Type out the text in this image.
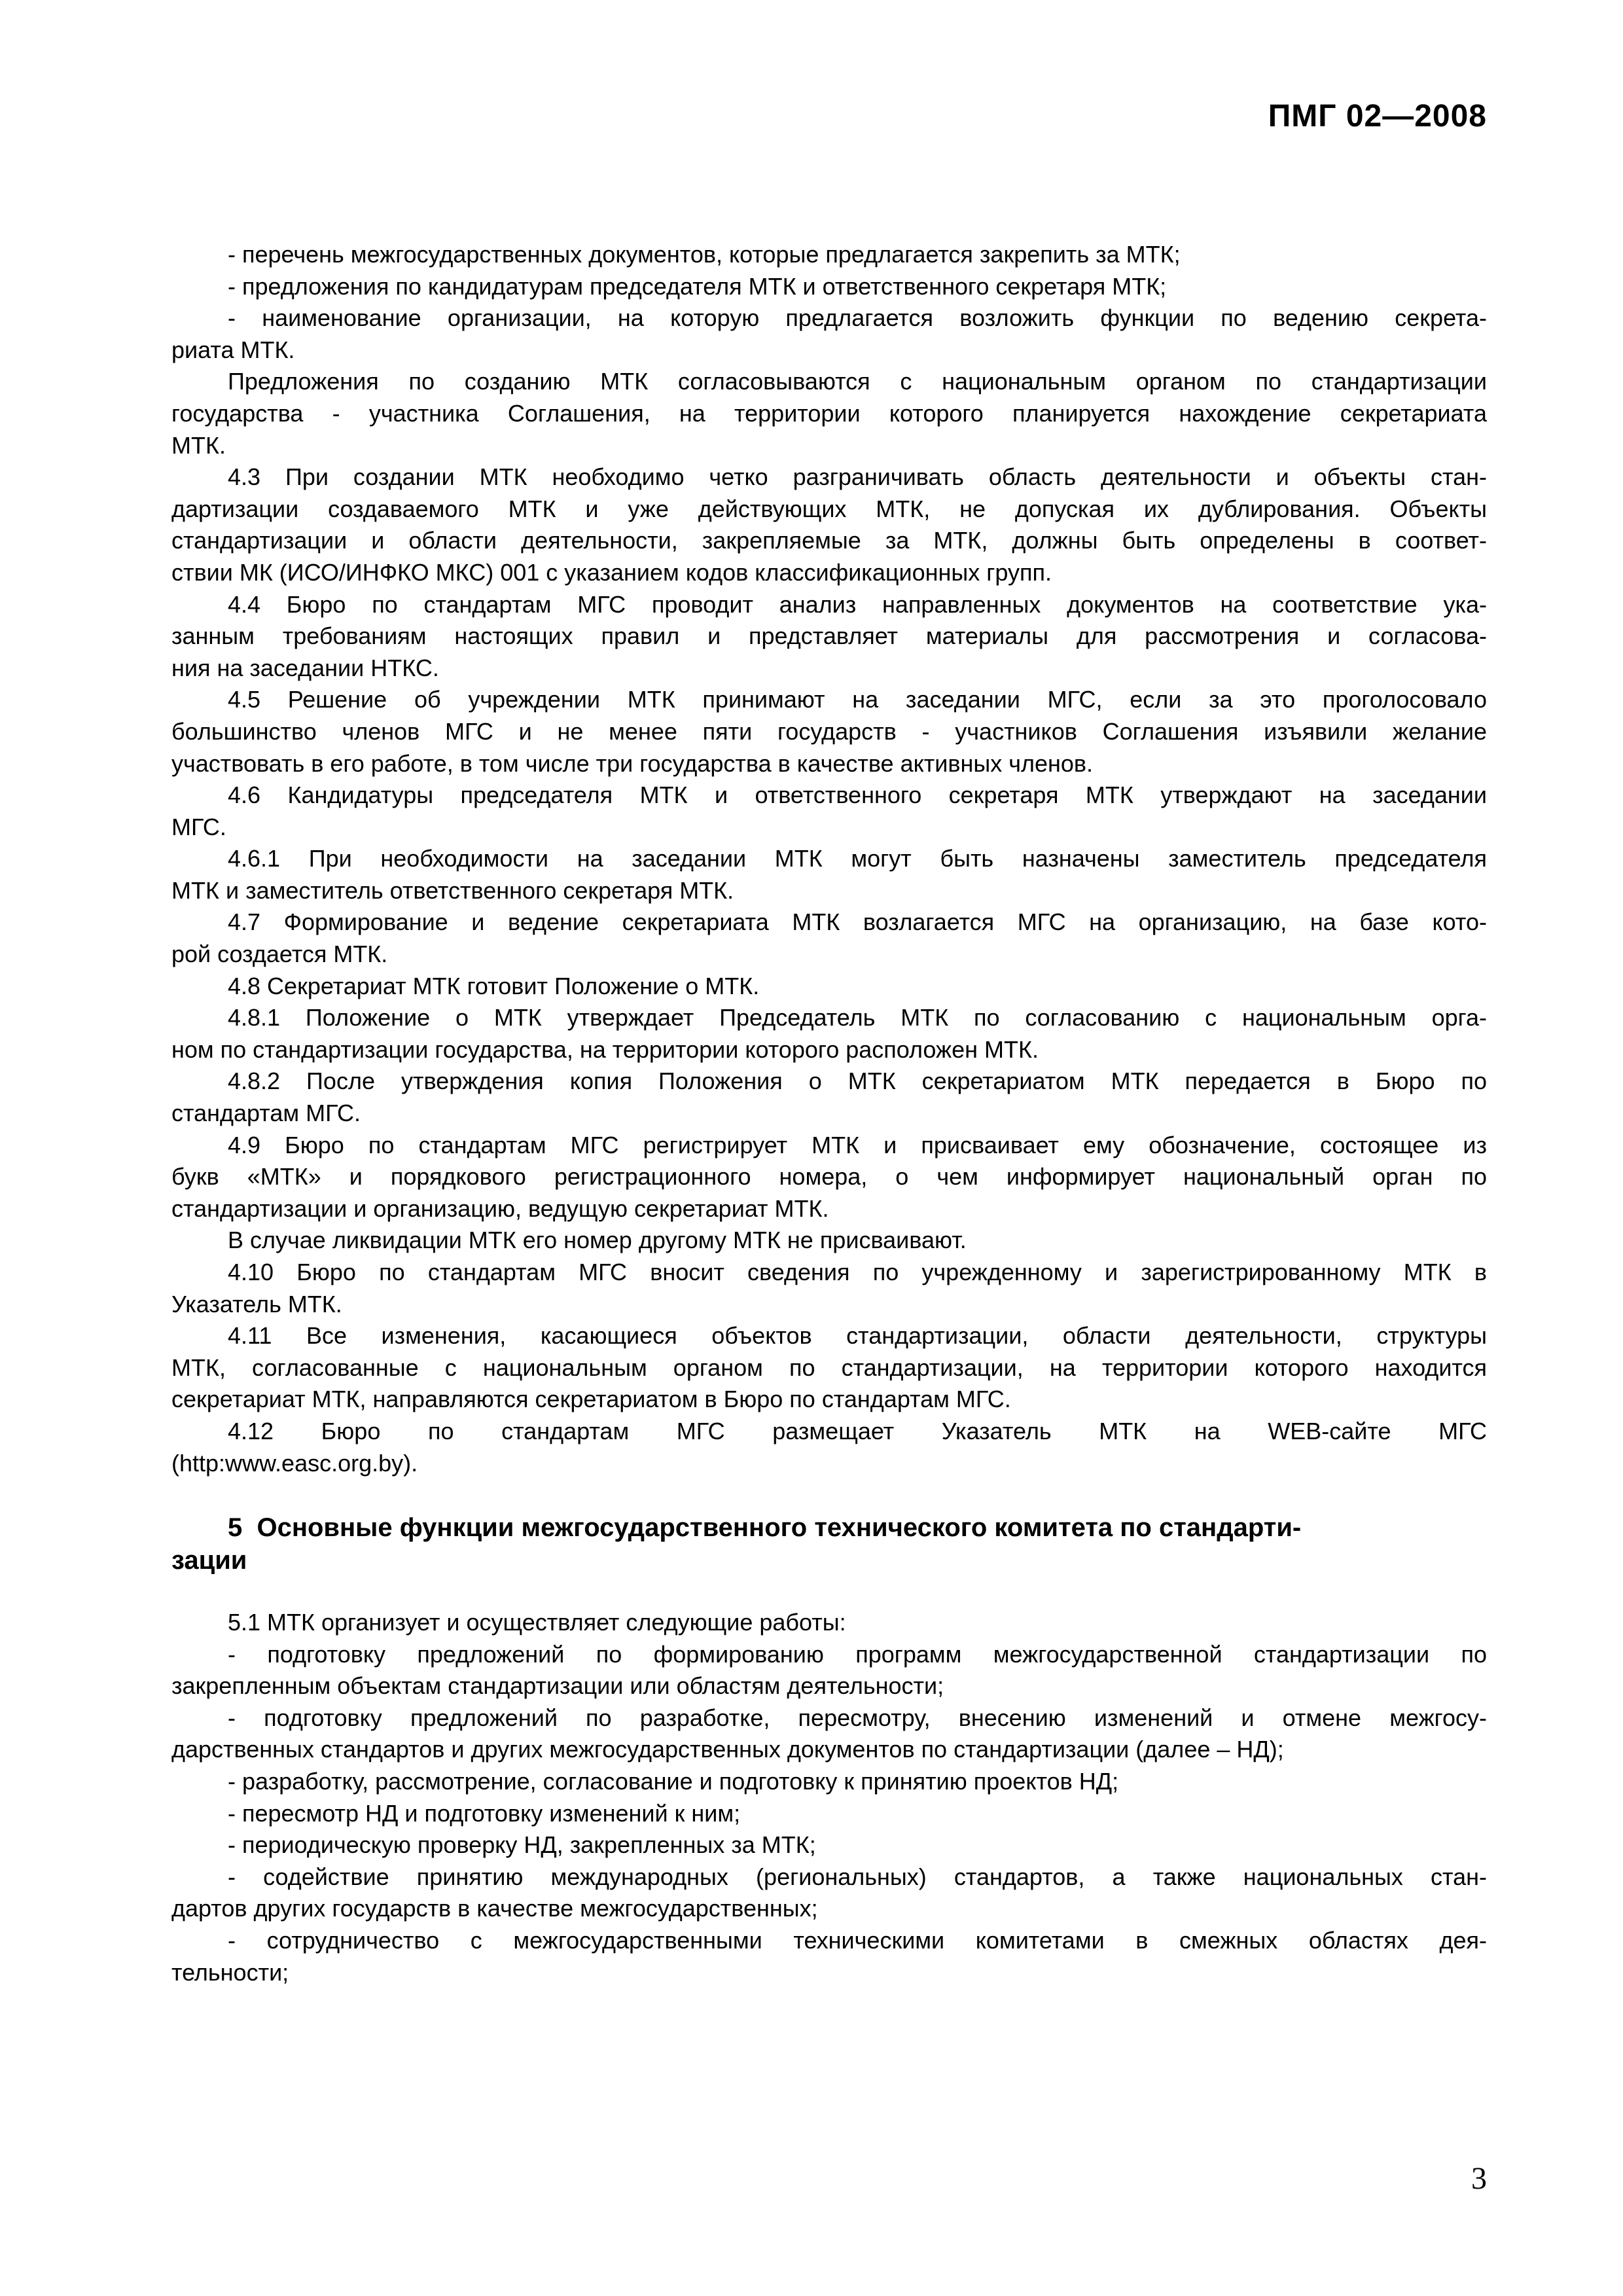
ПМГ 02—2008
- перечень межгосударственных документов, которые предлагается закрепить за МТК;
- предложения по кандидатурам председателя МТК и ответственного секретаря МТК;
- наименование организации, на которую предлагается возложить функции по ведению секрета-
риата МТК.
Предложения по созданию МТК согласовываются с национальным органом по стандартизации
государства - участника Соглашения, на территории которого планируется нахождение секретариата
МТК.
4.3 При создании МТК необходимо четко разграничивать область деятельности и объекты стан-
дартизации создаваемого МТК и уже действующих МТК, не допуская их дублирования. Объекты
стандартизации и области деятельности, закрепляемые за МТК, должны быть определены в соответ-
ствии МК (ИСО/ИНФКО МКС) 001 с указанием кодов классификационных групп.
4.4 Бюро по стандартам МГС проводит анализ направленных документов на соответствие ука-
занным требованиям настоящих правил и представляет материалы для рассмотрения и согласова-
ния на заседании НТКС.
4.5 Решение об учреждении МТК принимают на заседании МГС, если за это проголосовало
большинство членов МГС и не менее пяти государств - участников Соглашения изъявили желание
участвовать в его работе, в том числе три государства в качестве активных членов.
4.6 Кандидатуры председателя МТК и ответственного секретаря МТК утверждают на заседании
МГС.
4.6.1 При необходимости на заседании МТК могут быть назначены заместитель председателя
МТК и заместитель ответственного секретаря МТК.
4.7 Формирование и ведение секретариата МТК возлагается МГС на организацию, на базе кото-
рой создается МТК.
4.8 Секретариат МТК готовит Положение о МТК.
4.8.1 Положение о МТК утверждает Председатель МТК по согласованию с национальным орга-
ном по стандартизации государства, на территории которого расположен МТК.
4.8.2 После утверждения копия Положения о МТК секретариатом МТК передается в Бюро по
стандартам МГС.
4.9 Бюро по стандартам МГС регистрирует МТК и присваивает ему обозначение, состоящее из
букв «МТК» и порядкового регистрационного номера, о чем информирует национальный орган по
стандартизации и организацию, ведущую секретариат МТК.
В случае ликвидации МТК его номер другому МТК не присваивают.
4.10 Бюро по стандартам МГС вносит сведения по учрежденному и зарегистрированному МТК в
Указатель МТК.
4.11 Все изменения, касающиеся объектов стандартизации, области деятельности, структуры
МТК, согласованные с национальным органом по стандартизации, на территории которого находится
секретариат МТК, направляются секретариатом в Бюро по стандартам МГС.
4.12 Бюро по стандартам МГС размещает Указатель МТК на WEB-сайте МГС
(http:www.easc.org.by).
5  Основные функции межгосударственного технического комитета по стандарти-
зации
5.1 МТК организует и осуществляет следующие работы:
- подготовку предложений по формированию программ межгосударственной стандартизации по
закрепленным объектам стандартизации или областям деятельности;
- подготовку предложений по разработке, пересмотру, внесению изменений и отмене межгосу-
дарственных стандартов и других межгосударственных документов по стандартизации (далее – НД);
- разработку, рассмотрение, согласование и подготовку к принятию проектов НД;
- пересмотр НД и подготовку изменений к ним;
- периодическую проверку НД, закрепленных за МТК;
- содействие принятию международных (региональных) стандартов, а также национальных стан-
дартов других государств в качестве межгосударственных;
- сотрудничество с межгосударственными техническими комитетами в смежных областях дея-
тельности;
3
